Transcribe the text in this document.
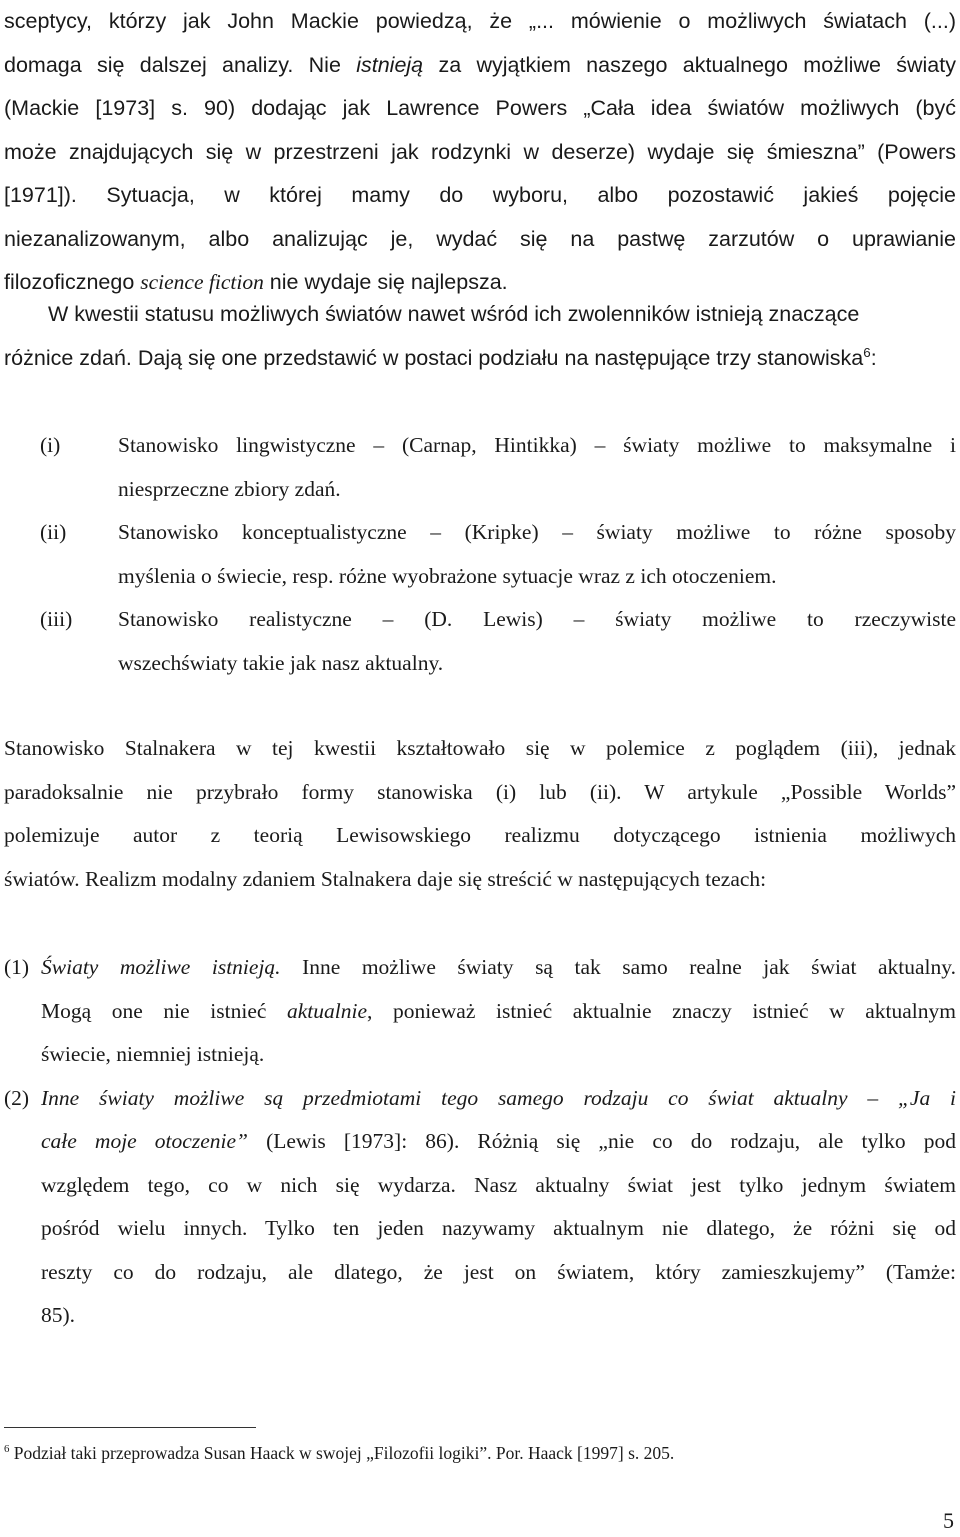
sceptycy, którzy jak John Mackie powiedzą, że „... mówienie o możliwych światach (...)
domaga się dalszej analizy. Nie istnieją za wyjątkiem naszego aktualnego możliwe światy
(Mackie [1973] s. 90) dodając jak Lawrence Powers „Cała idea światów możliwych (być
może znajdujących się w przestrzeni jak rodzynki w deserze) wydaje się śmieszna” (Powers
[1971]). Sytuacja, w której mamy do wyboru, albo pozostawić jakieś pojęcie
niezanalizowanym, albo analizując je, wydać się na pastwę zarzutów o uprawianie
filozoficznego science fiction nie wydaje się najlepsza.
W kwestii statusu możliwych światów nawet wśród ich zwolenników istnieją znaczące
różnice zdań. Dają się one przedstawić w postaci podziału na następujące trzy stanowiska$^6$:
(i)	Stanowisko lingwistyczne – (Carnap, Hintikka) – światy możliwe to maksymalne i
niesprzeczne zbiory zdań.
(ii) Stanowisko konceptualistyczne – (Kripke) – światy możliwe to różne sposoby
myślenia o świecie, resp. różne wyobrażone sytuacje wraz z ich otoczeniem.
(iii) Stanowisko realistyczne – (D. Lewis) – światy możliwe to rzeczywiste
wszechświaty takie jak nasz aktualny.
Stanowisko Stalnakera w tej kwestii kształtowało się w polemice z poglądem (iii), jednak
paradoksalnie nie przybrało formy stanowiska (i) lub (ii). W artykule „Possible Worlds”
polemizuje autor z teorią Lewisowskiego realizmu dotyczącego istnienia możliwych
światów. Realizm modalny zdaniem Stalnakera daje się streścić w następujących tezach:
(1) Światy możliwe istnieją. Inne możliwe światy są tak samo realne jak świat aktualny.
Mogą one nie istnieć aktualnie, ponieważ istnieć aktualnie znaczy istnieć w aktualnym
świecie, niemniej istnieją.
(2) Inne światy możliwe są przedmiotami tego samego rodzaju co świat aktualny – „Ja i
całe moje otoczenie” (Lewis [1973]: 86). Różnią się „nie co do rodzaju, ale tylko pod
względem tego, co w nich się wydarza. Nasz aktualny świat jest tylko jednym światem
pośród wielu innych. Tylko ten jeden nazywamy aktualnym nie dlatego, że różni się od
reszty co do rodzaju, ale dlatego, że jest on światem, który zamieszkujemy” (Tamże:
85).
$^6$ Podział taki przeprowadza Susan Haack w swojej „Filozofii logiki”. Por. Haack [1997] s. 205.
5
